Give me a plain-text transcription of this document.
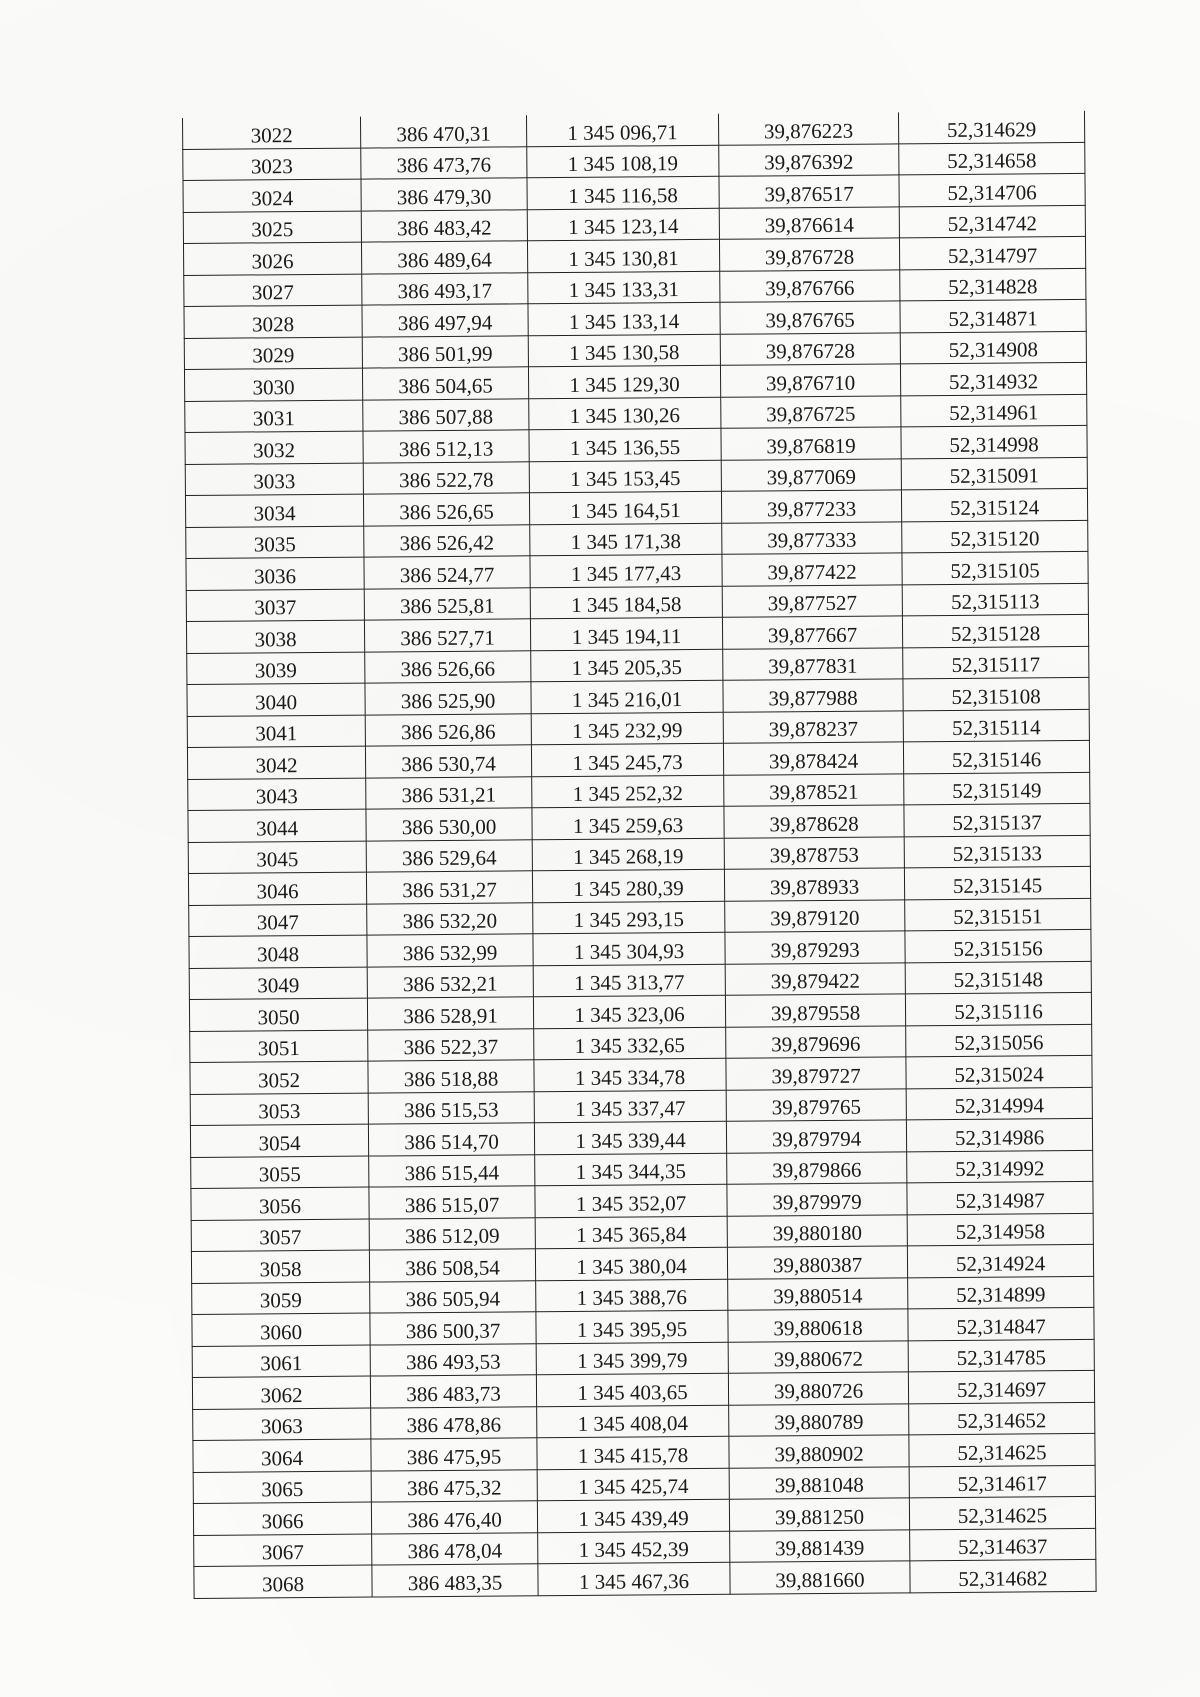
3022	386 470,31	1 345 096,71	39,876223	52,314629
3023	386 473,76	1 345 108,19	39,876392	52,314658
3024	386 479,30	1 345 116,58	39,876517	52,314706
3025	386 483,42	1 345 123,14	39,876614	52,314742
3026	386 489,64	1 345 130,81	39,876728	52,314797
3027	386 493,17	1 345 133,31	39,876766	52,314828
3028	386 497,94	1 345 133,14	39,876765	52,314871
3029	386 501,99	1 345 130,58	39,876728	52,314908
3030	386 504,65	1 345 129,30	39,876710	52,314932
3031	386 507,88	1 345 130,26	39,876725	52,314961
3032	386 512,13	1 345 136,55	39,876819	52,314998
3033	386 522,78	1 345 153,45	39,877069	52,315091
3034	386 526,65	1 345 164,51	39,877233	52,315124
3035	386 526,42	1 345 171,38	39,877333	52,315120
3036	386 524,77	1 345 177,43	39,877422	52,315105
3037	386 525,81	1 345 184,58	39,877527	52,315113
3038	386 527,71	1 345 194,11	39,877667	52,315128
3039	386 526,66	1 345 205,35	39,877831	52,315117
3040	386 525,90	1 345 216,01	39,877988	52,315108
3041	386 526,86	1 345 232,99	39,878237	52,315114
3042	386 530,74	1 345 245,73	39,878424	52,315146
3043	386 531,21	1 345 252,32	39,878521	52,315149
3044	386 530,00	1 345 259,63	39,878628	52,315137
3045	386 529,64	1 345 268,19	39,878753	52,315133
3046	386 531,27	1 345 280,39	39,878933	52,315145
3047	386 532,20	1 345 293,15	39,879120	52,315151
3048	386 532,99	1 345 304,93	39,879293	52,315156
3049	386 532,21	1 345 313,77	39,879422	52,315148
3050	386 528,91	1 345 323,06	39,879558	52,315116
3051	386 522,37	1 345 332,65	39,879696	52,315056
3052	386 518,88	1 345 334,78	39,879727	52,315024
3053	386 515,53	1 345 337,47	39,879765	52,314994
3054	386 514,70	1 345 339,44	39,879794	52,314986
3055	386 515,44	1 345 344,35	39,879866	52,314992
3056	386 515,07	1 345 352,07	39,879979	52,314987
3057	386 512,09	1 345 365,84	39,880180	52,314958
3058	386 508,54	1 345 380,04	39,880387	52,314924
3059	386 505,94	1 345 388,76	39,880514	52,314899
3060	386 500,37	1 345 395,95	39,880618	52,314847
3061	386 493,53	1 345 399,79	39,880672	52,314785
3062	386 483,73	1 345 403,65	39,880726	52,314697
3063	386 478,86	1 345 408,04	39,880789	52,314652
3064	386 475,95	1 345 415,78	39,880902	52,314625
3065	386 475,32	1 345 425,74	39,881048	52,314617
3066	386 476,40	1 345 439,49	39,881250	52,314625
3067	386 478,04	1 345 452,39	39,881439	52,314637
3068	386 483,35	1 345 467,36	39,881660	52,314682
